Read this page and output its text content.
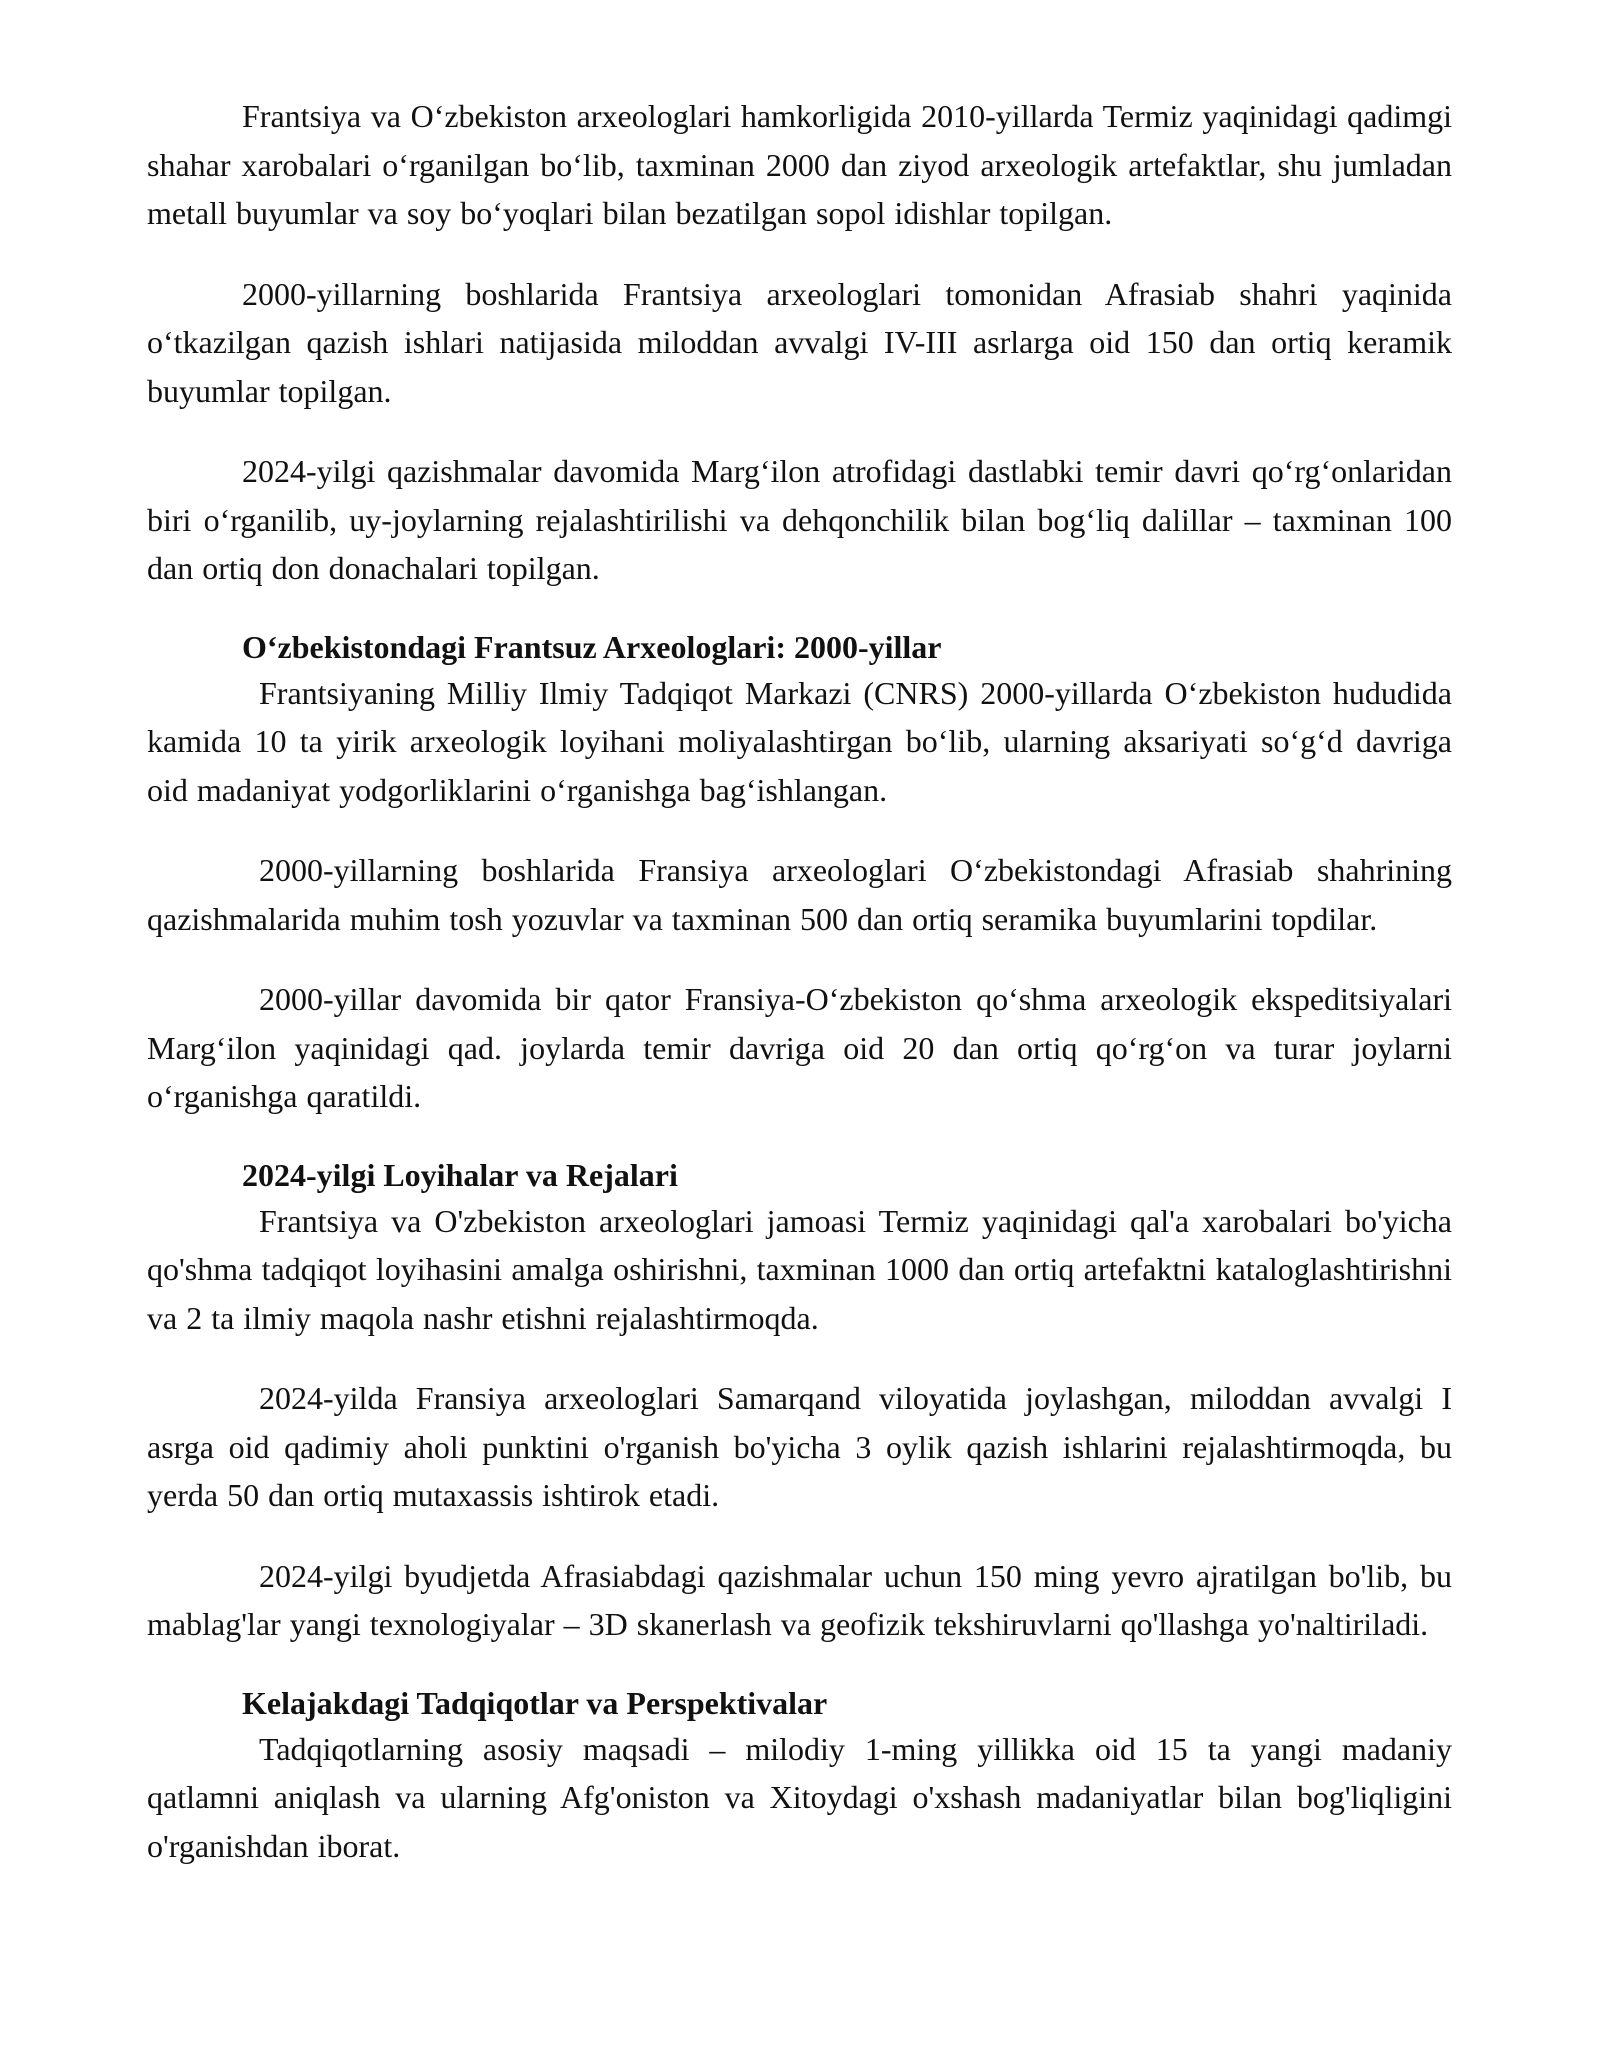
Frantsiya va O‘zbekiston arxeologlari hamkorligida 2010-yillarda Termiz yaqinidagi qadimgi shahar xarobalari o‘rganilgan bo‘lib, taxminan 2000 dan ziyod arxeologik artefaktlar, shu jumladan metall buyumlar va soy bo‘yoqlari bilan bezatilgan sopol idishlar topilgan.

2000-yillarning boshlarida Frantsiya arxeologlari tomonidan Afrasiab shahri yaqinida o‘tkazilgan qazish ishlari natijasida miloddan avvalgi IV-III asrlarga oid 150 dan ortiq keramik buyumlar topilgan.

2024-yilgi qazishmalar davomida Marg‘ilon atrofidagi dastlabki temir davri qo‘rg‘onlaridan biri o‘rganilib, uy-joylarning rejalashtirilishi va dehqonchilik bilan bog‘liq dalillar – taxminan 100 dan ortiq don donachalari topilgan.

O‘zbekistondagi Frantsuz Arxeologlari: 2000-yillar

Frantsiyaning Milliy Ilmiy Tadqiqot Markazi (CNRS) 2000-yillarda O‘zbekiston hududida kamida 10 ta yirik arxeologik loyihani moliyalashtirgan bo‘lib, ularning aksariyati so‘g‘d davriga oid madaniyat yodgorliklarini o‘rganishga bag‘ishlangan.

2000-yillarning boshlarida Fransiya arxeologlari O‘zbekistondagi Afrasiab shahrining qazishmalarida muhim tosh yozuvlar va taxminan 500 dan ortiq seramika buyumlarini topdilar.

2000-yillar davomida bir qator Fransiya-O‘zbekiston qo‘shma arxeologik ekspeditsiyalari Marg‘ilon yaqinidagi qad. joylarda temir davriga oid 20 dan ortiq qo‘rg‘on va turar joylarni o‘rganishga qaratildi.

2024-yilgi Loyihalar va Rejalari

Frantsiya va O'zbekiston arxeologlari jamoasi Termiz yaqinidagi qal'a xarobalari bo'yicha qo'shma tadqiqot loyihasini amalga oshirishni, taxminan 1000 dan ortiq artefaktni kataloglashtirishni va 2 ta ilmiy maqola nashr etishni rejalashtirmoqda.

2024-yilda Fransiya arxeologlari Samarqand viloyatida joylashgan, miloddan avvalgi I asrga oid qadimiy aholi punktini o'rganish bo'yicha 3 oylik qazish ishlarini rejalashtirmoqda, bu yerda 50 dan ortiq mutaxassis ishtirok etadi.

2024-yilgi byudjetda Afrasiabdagi qazishmalar uchun 150 ming yevro ajratilgan bo'lib, bu mablag'lar yangi texnologiyalar – 3D skanerlash va geofizik tekshiruvlarni qo'llashga yo'naltiriladi.

Kelajakdagi Tadqiqotlar va Perspektivalar

Tadqiqotlarning asosiy maqsadi – milodiy 1-ming yillikka oid 15 ta yangi madaniy qatlamni aniqlash va ularning Afg'oniston va Xitoydagi o'xshash madaniyatlar bilan bog'liqligini o'rganishdan iborat.
